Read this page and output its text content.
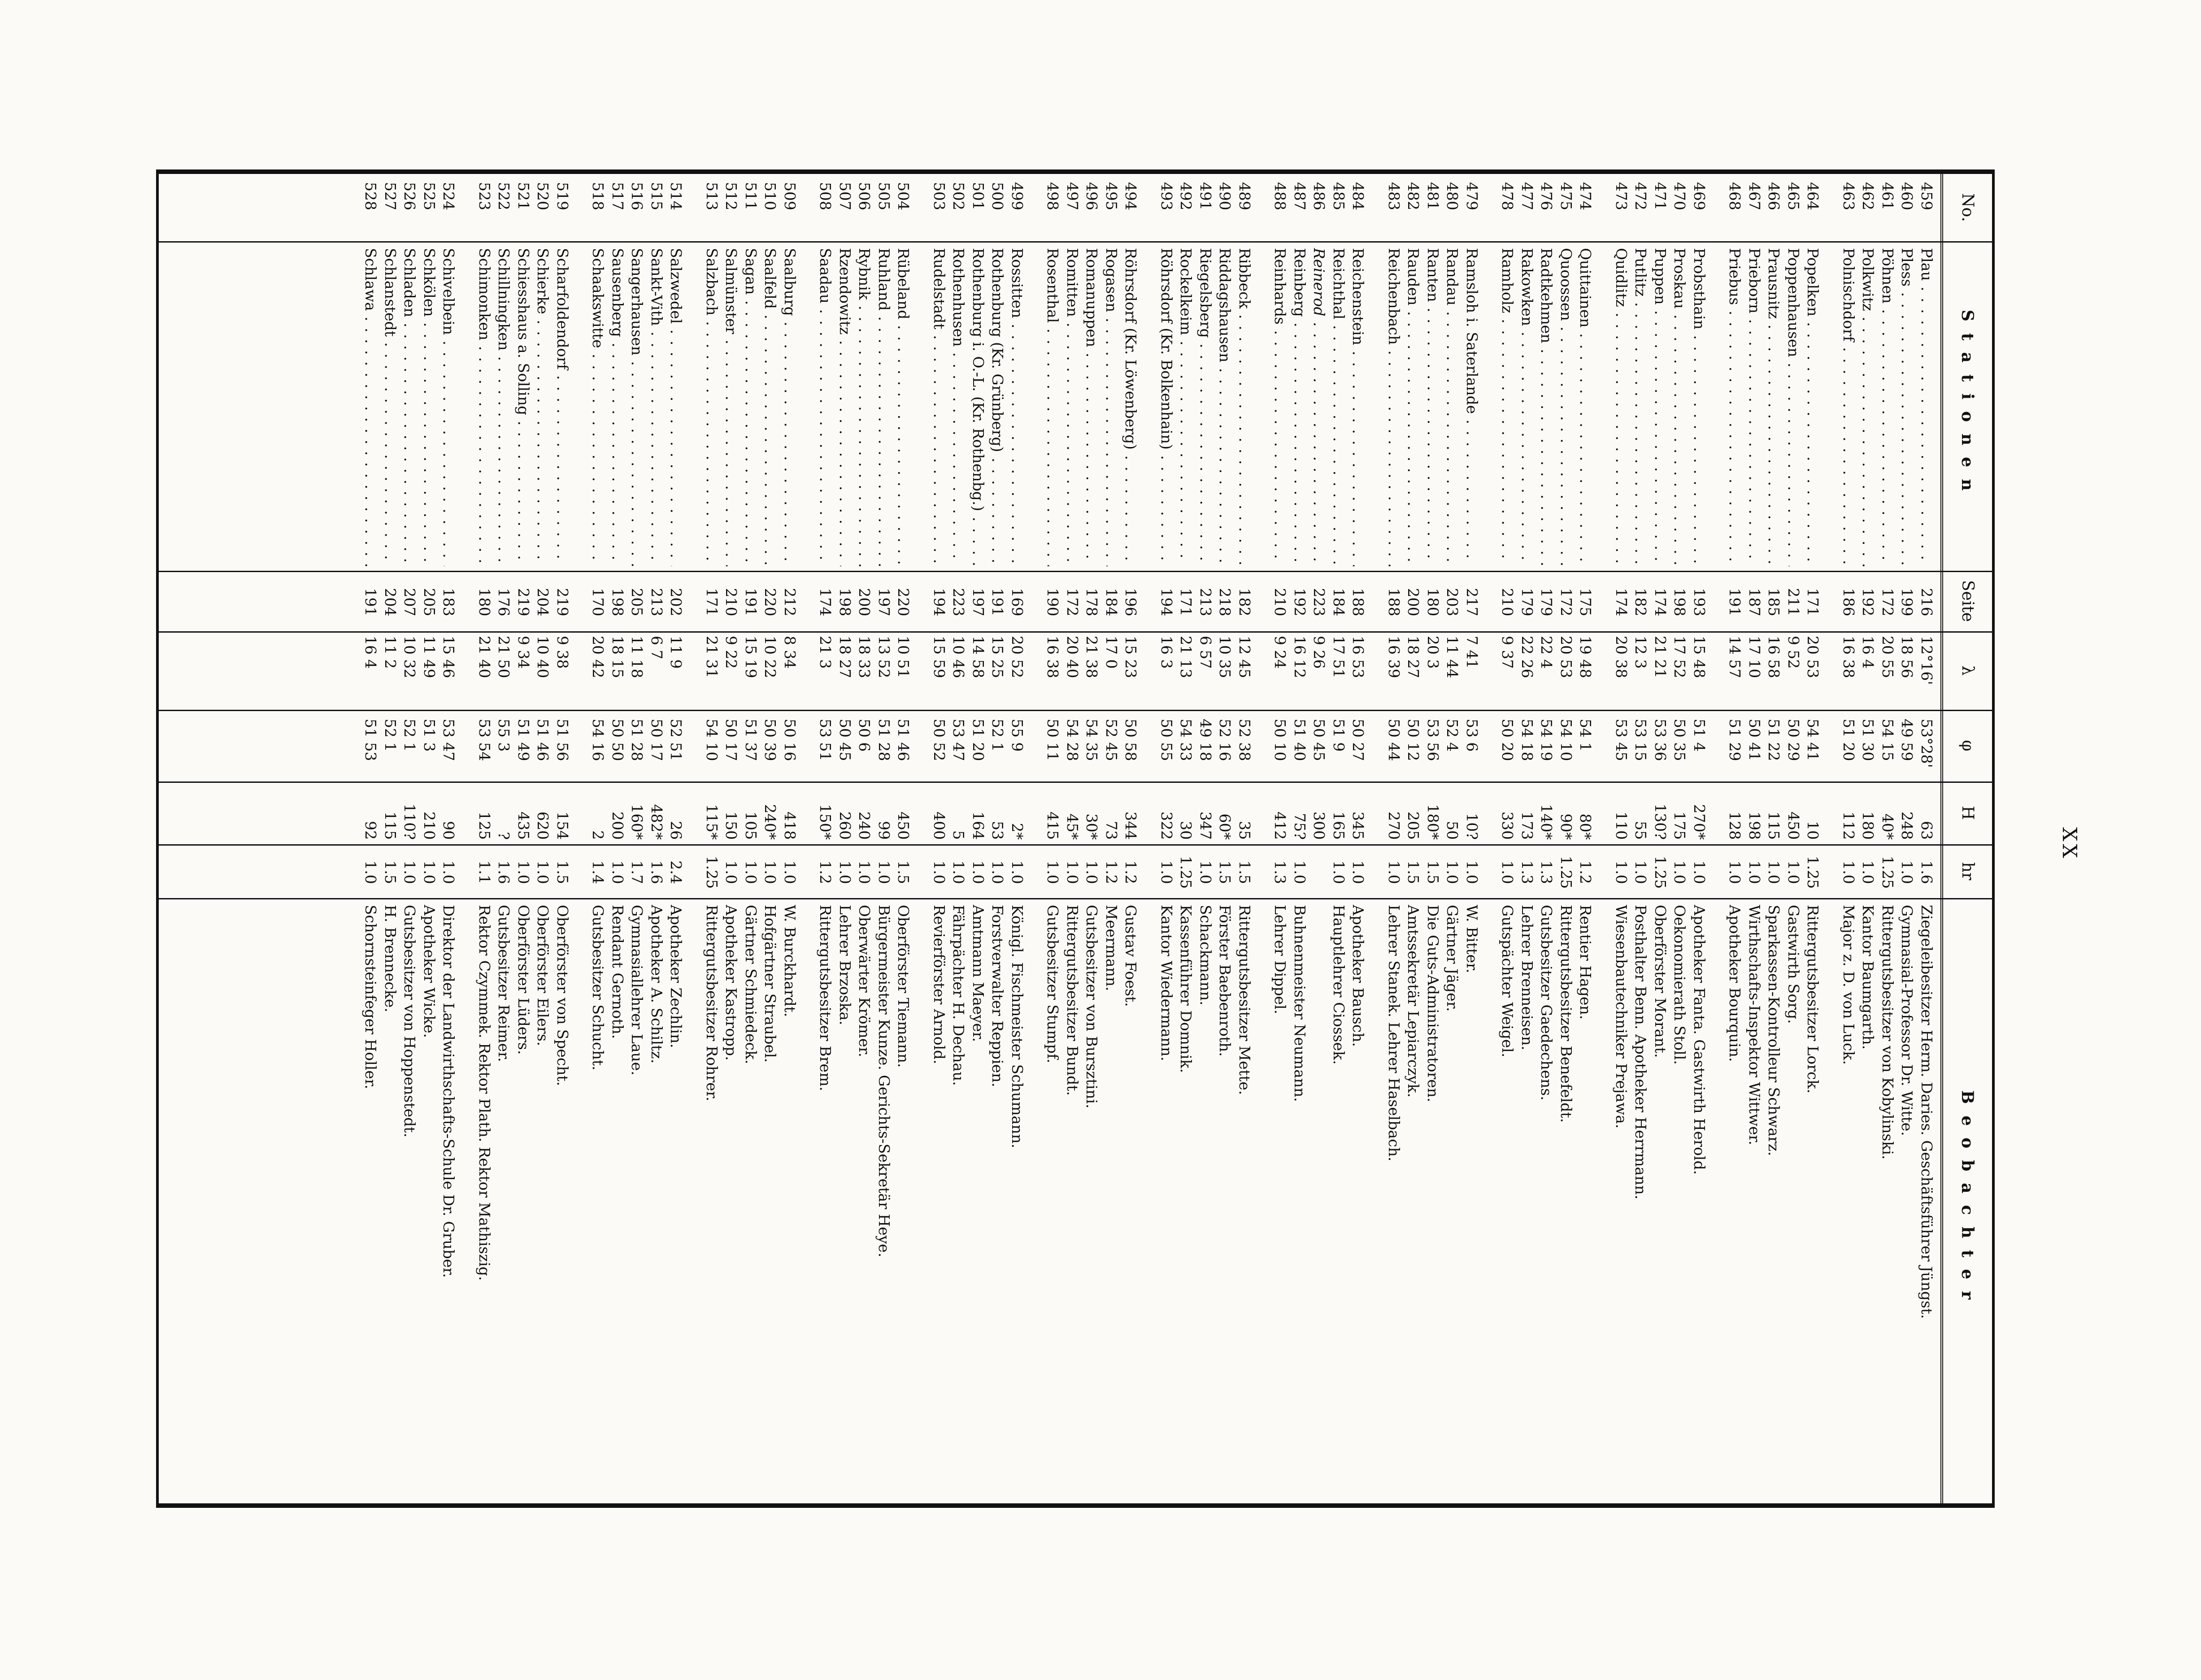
XX
No.
Stationen
Seite
λ
φ
H
hr
Beobachter
459
Plau . . .
216
12°16'
53°28'
63
1.6
Ziegeleibesitzer Herm. Daries. Geschäftsführer Jüngst.
460
Pless . . .
199
18 56
49 59
248
1.0
Gymnasial-Professor Dr. Witte.
461
Pöhnen . . .
172
20 55
54 15
40*
1.25
Rittergutsbesitzer von Kobylinski.
462
Polkwitz . . .
192
16 4
51 30
180
1.0
Kantor Baumgarth.
463
Polnischdorf . . .
186
16 38
51 20
112
1.0
Major z. D. von Luck.
464
Popelken . . .
171
20 53
54 41
10
1.25
Rittergutsbesitzer Lorck.
465
Poppenhausen . . .
211
9 52
50 29
450
1.0
Gastwirth Sorg.
466
Prausnitz . . .
185
16 58
51 22
115
1.0
Sparkassen-Kontrolleur Schwarz.
467
Prieborn . . .
187
17 10
50 41
198
1.0
Wirthschafts-Inspektor Wittwer.
468
Priebus . . .
191
14 57
51 29
128
1.0
Apotheker Bourquin.
469
Probsthain . . .
193
15 48
51 4
270*
1.0
Apotheker Fanta. Gastwirth Herold.
470
Proskau . . .
198
17 52
50 35
175
1.0
Oekonomierath Stoll.
471
Puppen . . .
174
21 21
53 36
130?
1.25
Oberförster Morant.
472
Putlitz . . .
182
12 3
53 15
55
1.0
Posthalter Benn. Apotheker Herrmann.
473
Quidlitz . . .
174
20 38
53 45
110
1.0
Wiesenbautechniker Prejawa.
474
Quittainen . . .
175
19 48
54 1
80*
1.2
Rentier Hagen.
475
Quoossen . . .
172
20 53
54 10
90*
1.25
Rittergutsbesitzer Benefeldt.
476
Radtkehmen . . .
179
22 4
54 19
140*
1.3
Gutsbesitzer Gaedechens.
477
Rakowken . . .
179
22 26
54 18
173
1.3
Lehrer Brenneisen.
478
Ramholz . . .
210
9 37
50 20
330
1.0
Gutspächter Weigel.
479
Ramsloh i. Saterlande . . .
217
7 41
53 6
10?
1.0
W. Bitter.
480
Randau . . .
203
11 44
52 4
50
1.0
Gärtner Jäger.
481
Ranten . . .
180
20 3
53 56
180*
1.5
Die Guts-Administratoren.
482
Rauden . . .
200
18 27
50 12
205
1.5
Amtssekretär Lepiarczyk.
483
Reichenbach . . .
188
16 39
50 44
270
1.0
Lehrer Stanek. Lehrer Haselbach.
484
Reichenstein . . .
188
16 53
50 27
345
1.0
Apotheker Bausch.
485
Reichthal . . .
184
17 51
51 9
165
1.0
Hauptlehrer Ciossek.
486
Reinerod . . .
223
9 26
50 45
300
487
Reinberg . . .
192
16 12
51 40
75?
1.0
Buhnenmeister Neumann.
488
Reinhards . . .
210
9 24
50 10
412
1.3
Lehrer Dippel.
489
Ribbeck . . .
182
12 45
52 38
35
1.5
Rittergutsbesitzer Mette.
490
Riddagshausen . . .
218
10 35
52 16
60*
1.5
Förster Baebenroth.
491
Riegelsberg . . .
213
6 57
49 18
347
1.0
Schackmann.
492
Rockelkeim . . .
171
21 13
54 33
30
1.25
Kassenführer Domnik.
493
Röhrsdorf (Kr. Bolkenhain) . . .
194
16 3
50 55
322
1.0
Kantor Wiedermann.
494
Röhrsdorf (Kr. Löwenberg) . . .
196
15 23
50 58
344
1.2
Gustav Foest.
495
Rogasen . . .
184
17 0
52 45
73
1.2
Meermann.
496
Romanuppen . . .
178
21 38
54 35
30*
1.0
Gutsbesitzer von Bursztini.
497
Romitten . . .
172
20 40
54 28
45*
1.0
Rittergutsbesitzer Bundt.
498
Rosenthal . . .
190
16 38
50 11
415
1.0
Gutsbesitzer Stumpf.
499
Rossitten . . .
169
20 52
55 9
2*
1.0
Königl. Fischmeister Schumann.
500
Rothenburg (Kr. Grünberg) . . .
191
15 25
52 1
53
1.0
Forstverwalter Reppien.
501
Rothenburg i. O.-L. (Kr. Rothenbg.) . . .
197
14 58
51 20
164
1.0
Amtmann Maeyer.
502
Rothenhusen . . .
223
10 46
53 47
5
1.0
Fährpächter H. Dechau.
503
Rudelstadt . . .
194
15 59
50 52
400
1.0
Revierförster Arnold.
504
Rübeland . . .
220
10 51
51 46
450
1.5
Oberförster Tiemann.
505
Ruhland . . .
197
13 52
51 28
99
1.0
Bürgermeister Kunze. Gerichts-Sekretär Heye.
506
Rybnik . . .
200
18 33
50 6
240
1.0
Oberwärter Krömer.
507
Rzendowitz . . .
198
18 27
50 45
260
1.0
Lehrer Brzoska.
508
Saadau . . .
174
21 3
53 51
150*
1.2
Rittergutsbesitzer Brem.
509
Saalburg . . .
212
8 34
50 16
418
1.0
W. Burckhardt.
510
Saalfeld . . .
220
10 22
50 39
240*
1.0
Hofgärtner Straubel.
511
Sagan . . .
191
15 19
51 37
105
1.0
Gärtner Schmiedeck.
512
Salmünster . . .
210
9 22
50 17
150
1.0
Apotheker Kastropp.
513
Salzbach . . .
171
21 31
54 10
115*
1.25
Rittergutsbesitzer Rohrer.
514
Salzwedel . . .
202
11 9
52 51
26
2.4
Apotheker Zechlin.
515
Sankt-Vith . . .
213
6 7
50 17
482*
1.6
Apotheker A. Schiltz.
516
Sangerhausen . . .
205
11 18
51 28
160*
1.7
Gymnasiallehrer Laue.
517
Sausenberg . . .
198
18 15
50 50
200
1.0
Rendant Gernoth.
518
Schaakswitte . . .
170
20 42
54 16
2
1.4
Gutsbesitzer Schucht.
519
Scharfoldendorf . . .
219
9 38
51 56
154
1.5
Oberförster von Specht.
520
Schierke . . .
204
10 40
51 46
620
1.0
Oberförster Eilers.
521
Schiesshaus a. Solling . . .
219
9 34
51 49
435
1.0
Oberförster Lüders.
522
Schillningken . . .
176
21 50
55 3
?
1.6
Gutsbesitzer Reimer.
523
Schimonken . . .
180
21 40
53 54
125
1.1
Rektor Czymmek. Rektor Plath. Rektor Mathiszig.
524
Schivelbein . . .
183
15 46
53 47
90
1.0
Direktor der Landwirthschafts-Schule Dr. Gruber.
525
Schkölen . . .
205
11 49
51 3
210
1.0
Apotheker Wicke.
526
Schladen . . .
207
10 32
52 1
110?
1.0
Gutsbesitzer von Hoppenstedt.
527
Schlanstedt . . .
204
11 2
52 1
115
1.5
H. Brennecke.
528
Schlawa . . .
191
16 4
51 53
92
1.0
Schornsteinfeger Holler.
